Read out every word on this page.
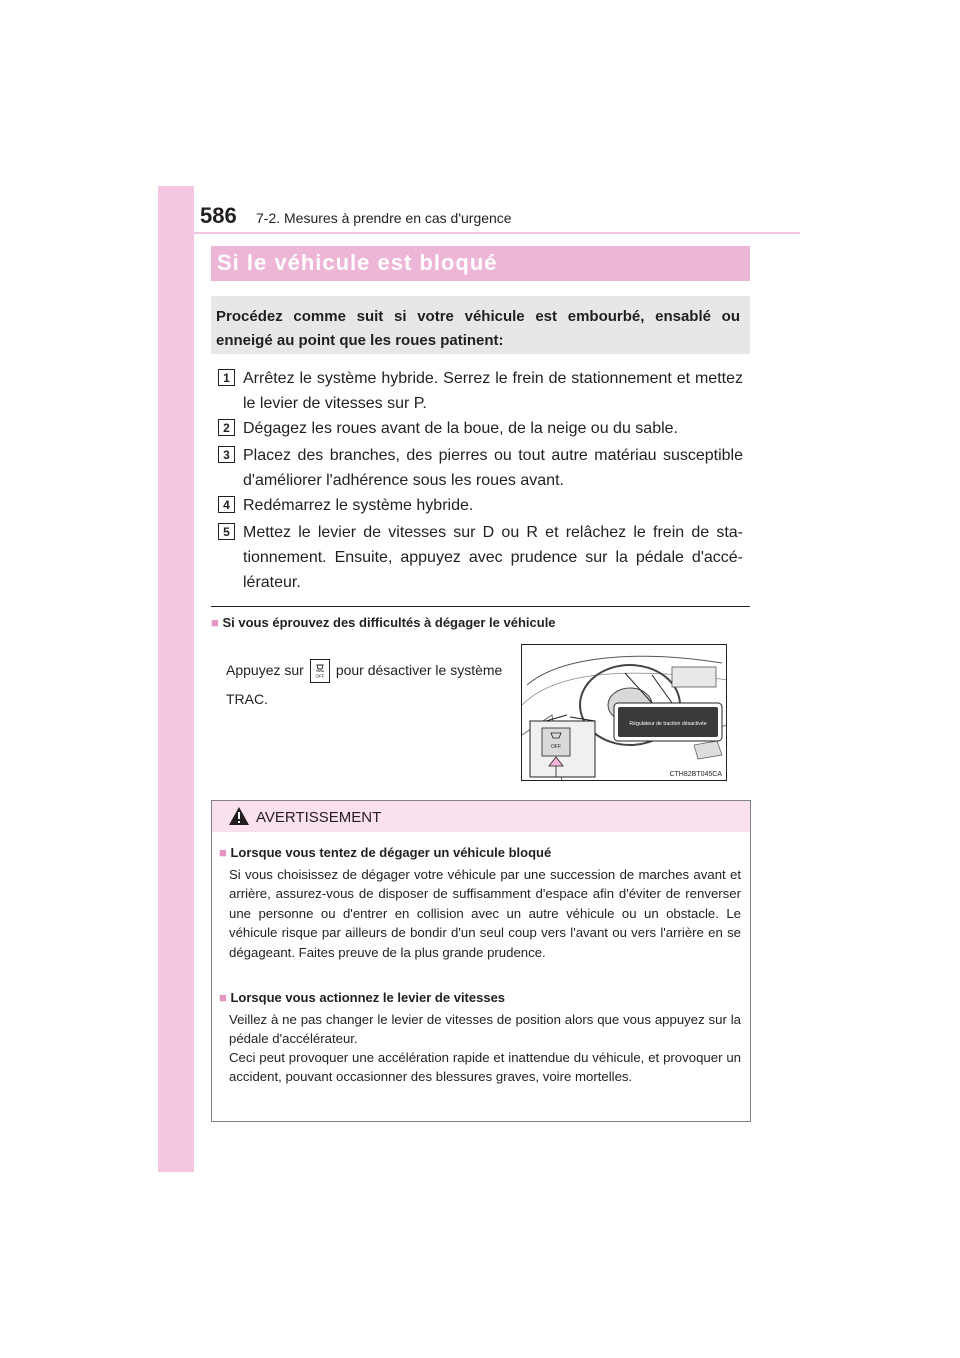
586 7-2. Mesures à prendre en cas d'urgence
Si le véhicule est bloqué
Procédez comme suit si votre véhicule est embourbé, ensablé ou enneigé au point que les roues patinent:
1 Arrêtez le système hybride. Serrez le frein de stationnement et mettez le levier de vitesses sur P.
2 Dégagez les roues avant de la boue, de la neige ou du sable.
3 Placez des branches, des pierres ou tout autre matériau susceptible d'améliorer l'adhérence sous les roues avant.
4 Redémarrez le système hybride.
5 Mettez le levier de vitesses sur D ou R et relâchez le frein de stationnement. Ensuite, appuyez avec prudence sur la pédale d'accélérateur.
■ Si vous éprouvez des difficultés à dégager le véhicule
Appuyez sur	OFF pour désactiver le système TRAC.
OFF
Régulateur de traction désactivée
CTH82BT045CA
AVERTISSEMENT
■ Lorsque vous tentez de dégager un véhicule bloqué
Si vous choisissez de dégager votre véhicule par une succession de marches avant et arrière, assurez-vous de disposer de suffisamment d'espace afin d'éviter de renverser une personne ou d'entrer en collision avec un autre véhicule ou un obstacle. Le véhicule risque par ailleurs de bondir d'un seul coup vers l'avant ou vers l'arrière en se dégageant. Faites preuve de la plus grande prudence.
■ Lorsque vous actionnez le levier de vitesses
Veillez à ne pas changer le levier de vitesses de position alors que vous appuyez sur la pédale d'accélérateur.
Ceci peut provoquer une accélération rapide et inattendue du véhicule, et provoquer un accident, pouvant occasionner des blessures graves, voire mortelles.
